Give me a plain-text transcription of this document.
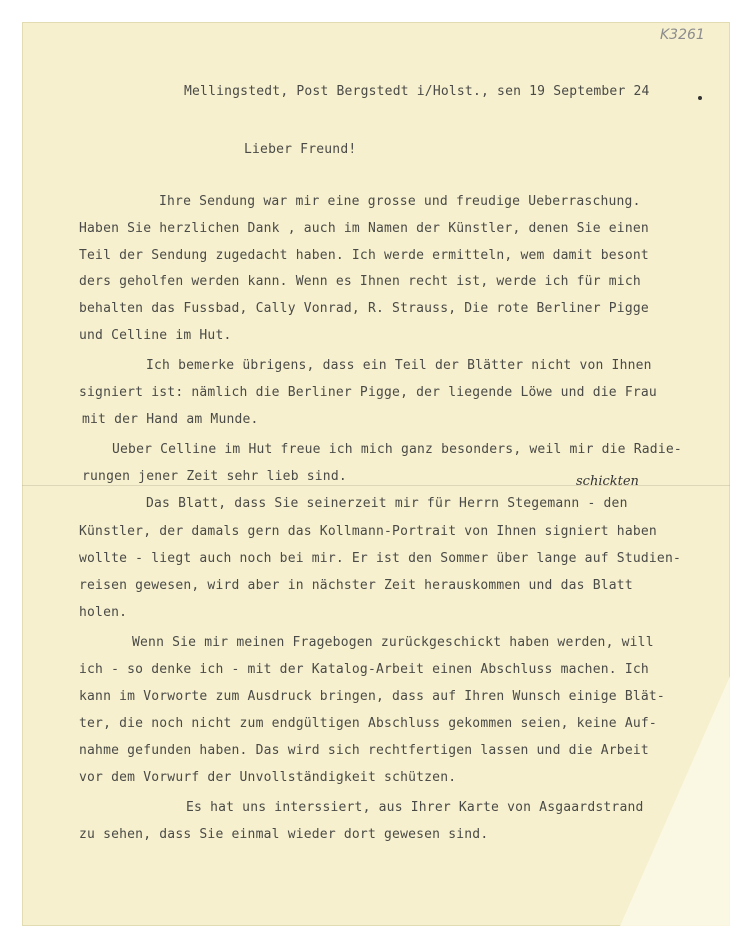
K3261
Mellingstedt, Post Bergstedt i/Holst., sen 19 September 24
Lieber Freund!
Ihre Sendung war mir eine grosse und freudige Ueberraschung.
Haben Sie herzlichen Dank , auch im Namen der Künstler, denen Sie einen
Teil der Sendung zugedacht haben. Ich werde ermitteln, wem damit besont
ders geholfen werden kann. Wenn es Ihnen recht ist, werde ich für mich
behalten das Fussbad, Cally Vonrad, R. Strauss, Die rote Berliner Pigge
und Celline im Hut.
Ich bemerke übrigens, dass ein Teil der Blätter nicht von Ihnen
signiert ist: nämlich die Berliner Pigge, der liegende Löwe und die Frau
mit der Hand am Munde.
Ueber Celline im Hut freue ich mich ganz besonders, weil mir die Radie-
rungen jener Zeit sehr lieb sind.	schickten
Das Blatt, dass Sie seinerzeit mir für Herrn Stegemann - den
Künstler, der damals gern das Kollmann-Portrait von Ihnen signiert haben
wollte - liegt auch noch bei mir. Er ist den Sommer über lange auf Studien-
reisen gewesen, wird aber in nächster Zeit herauskommen und das Blatt
holen.
Wenn Sie mir meinen Fragebogen zurückgeschickt haben werden, will
ich - so denke ich - mit der Katalog-Arbeit einen Abschluss machen. Ich
kann im Vorworte zum Ausdruck bringen, dass auf Ihren Wunsch einige Blät-
ter, die noch nicht zum endgültigen Abschluss gekommen seien, keine Auf-
nahme gefunden haben. Das wird sich rechtfertigen lassen und die Arbeit
vor dem Vorwurf der Unvollständigkeit schützen.
Es hat uns interssiert, aus Ihrer Karte von Asgaardstrand
zu sehen, dass Sie einmal wieder dort gewesen sind.
